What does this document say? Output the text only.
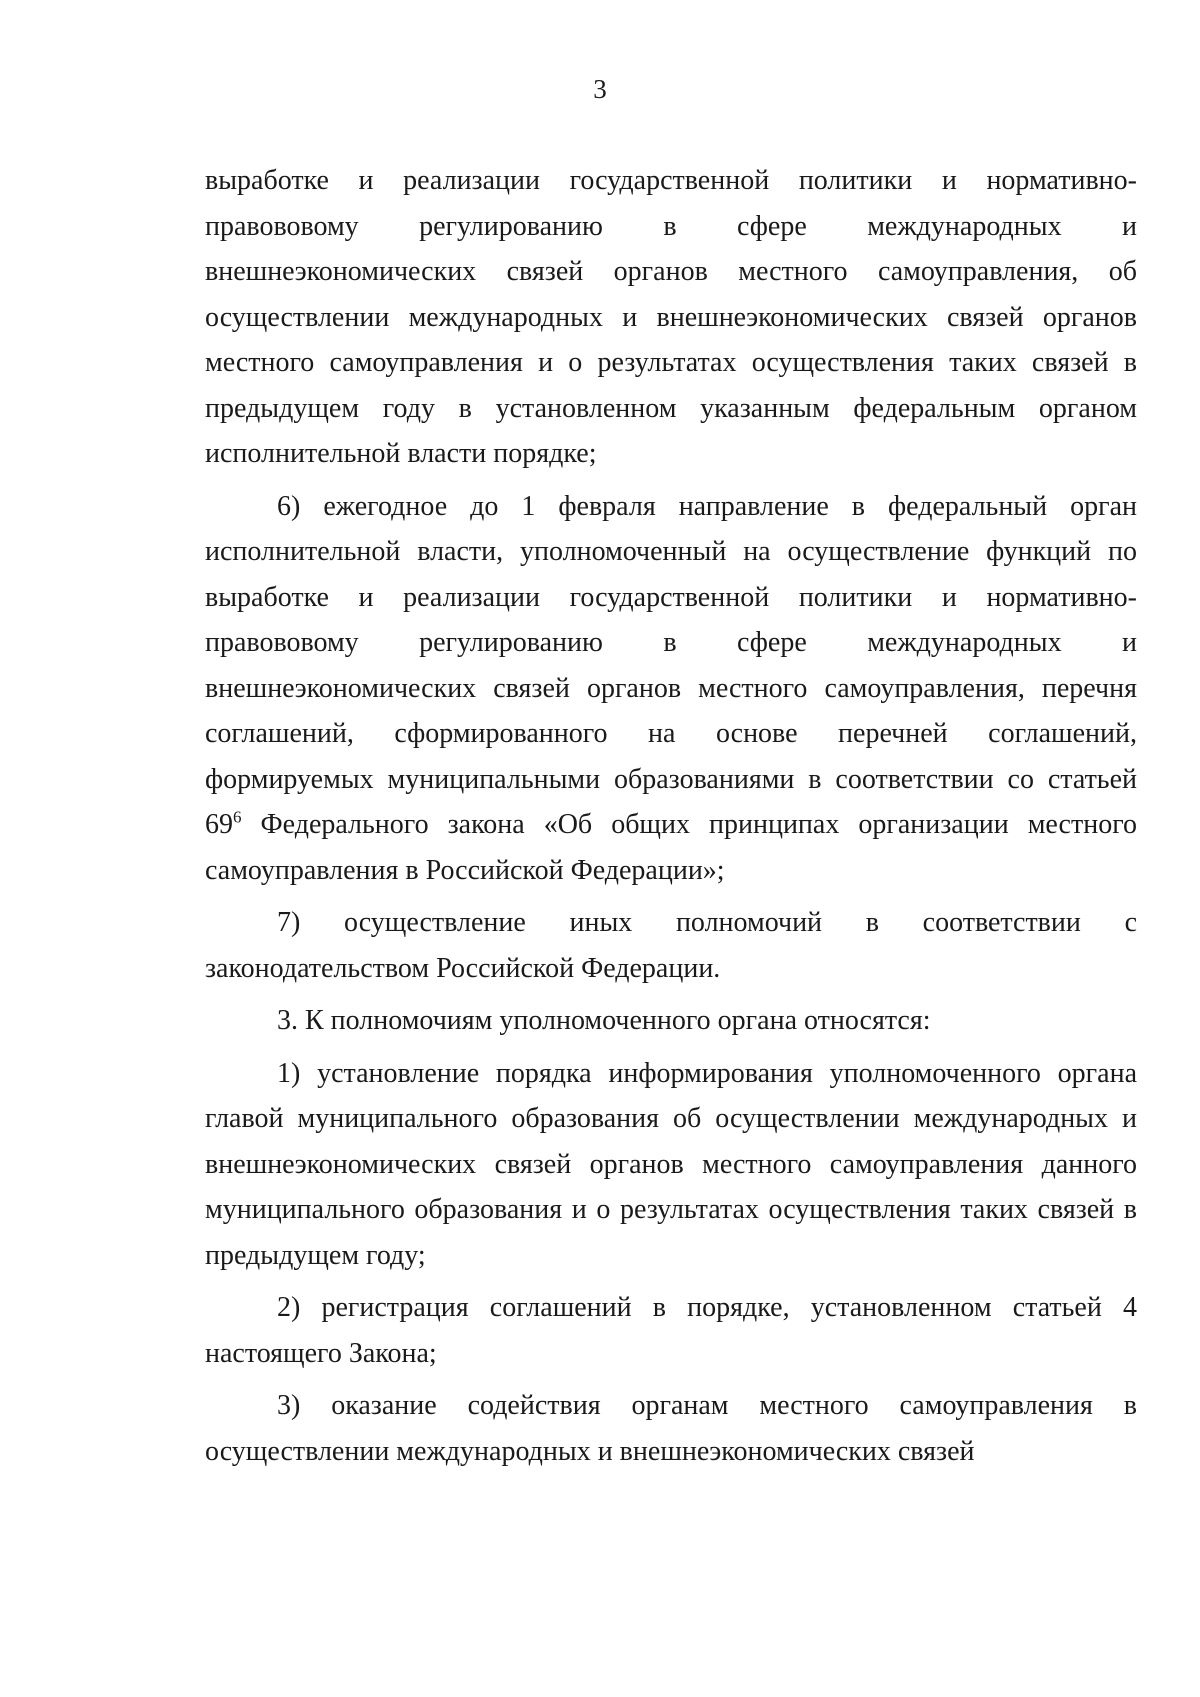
3

выработке и реализации государственной политики и нормативно-правововому регулированию в сфере международных и внешнеэкономических связей органов местного самоуправления, об осуществлении международных и внешнеэкономических связей органов местного самоуправления и о результатах осуществления таких связей в предыдущем году в установленном указанным федеральным органом исполнительной власти порядке;

6) ежегодное до 1 февраля направление в федеральный орган исполнительной власти, уполномоченный на осуществление функций по выработке и реализации государственной политики и нормативно-правововому регулированию в сфере международных и внешнеэкономических связей органов местного самоуправления, перечня соглашений, сформированного на основе перечней соглашений, формируемых муниципальными образованиями в соответствии со статьей $69^6$ Федерального закона «Об общих принципах организации местного самоуправления в Российской Федерации»;

7) осуществление иных полномочий в соответствии с законодательством Российской Федерации.

3. К полномочиям уполномоченного органа относятся:

1) установление порядка информирования уполномоченного органа главой муниципального образования об осуществлении международных и внешнеэкономических связей органов местного самоуправления данного муниципального образования и о результатах осуществления таких связей в предыдущем году;

2) регистрация соглашений в порядке, установленном статьей 4 настоящего Закона;

3) оказание содействия органам местного самоуправления в осуществлении международных и внешнеэкономических связей
